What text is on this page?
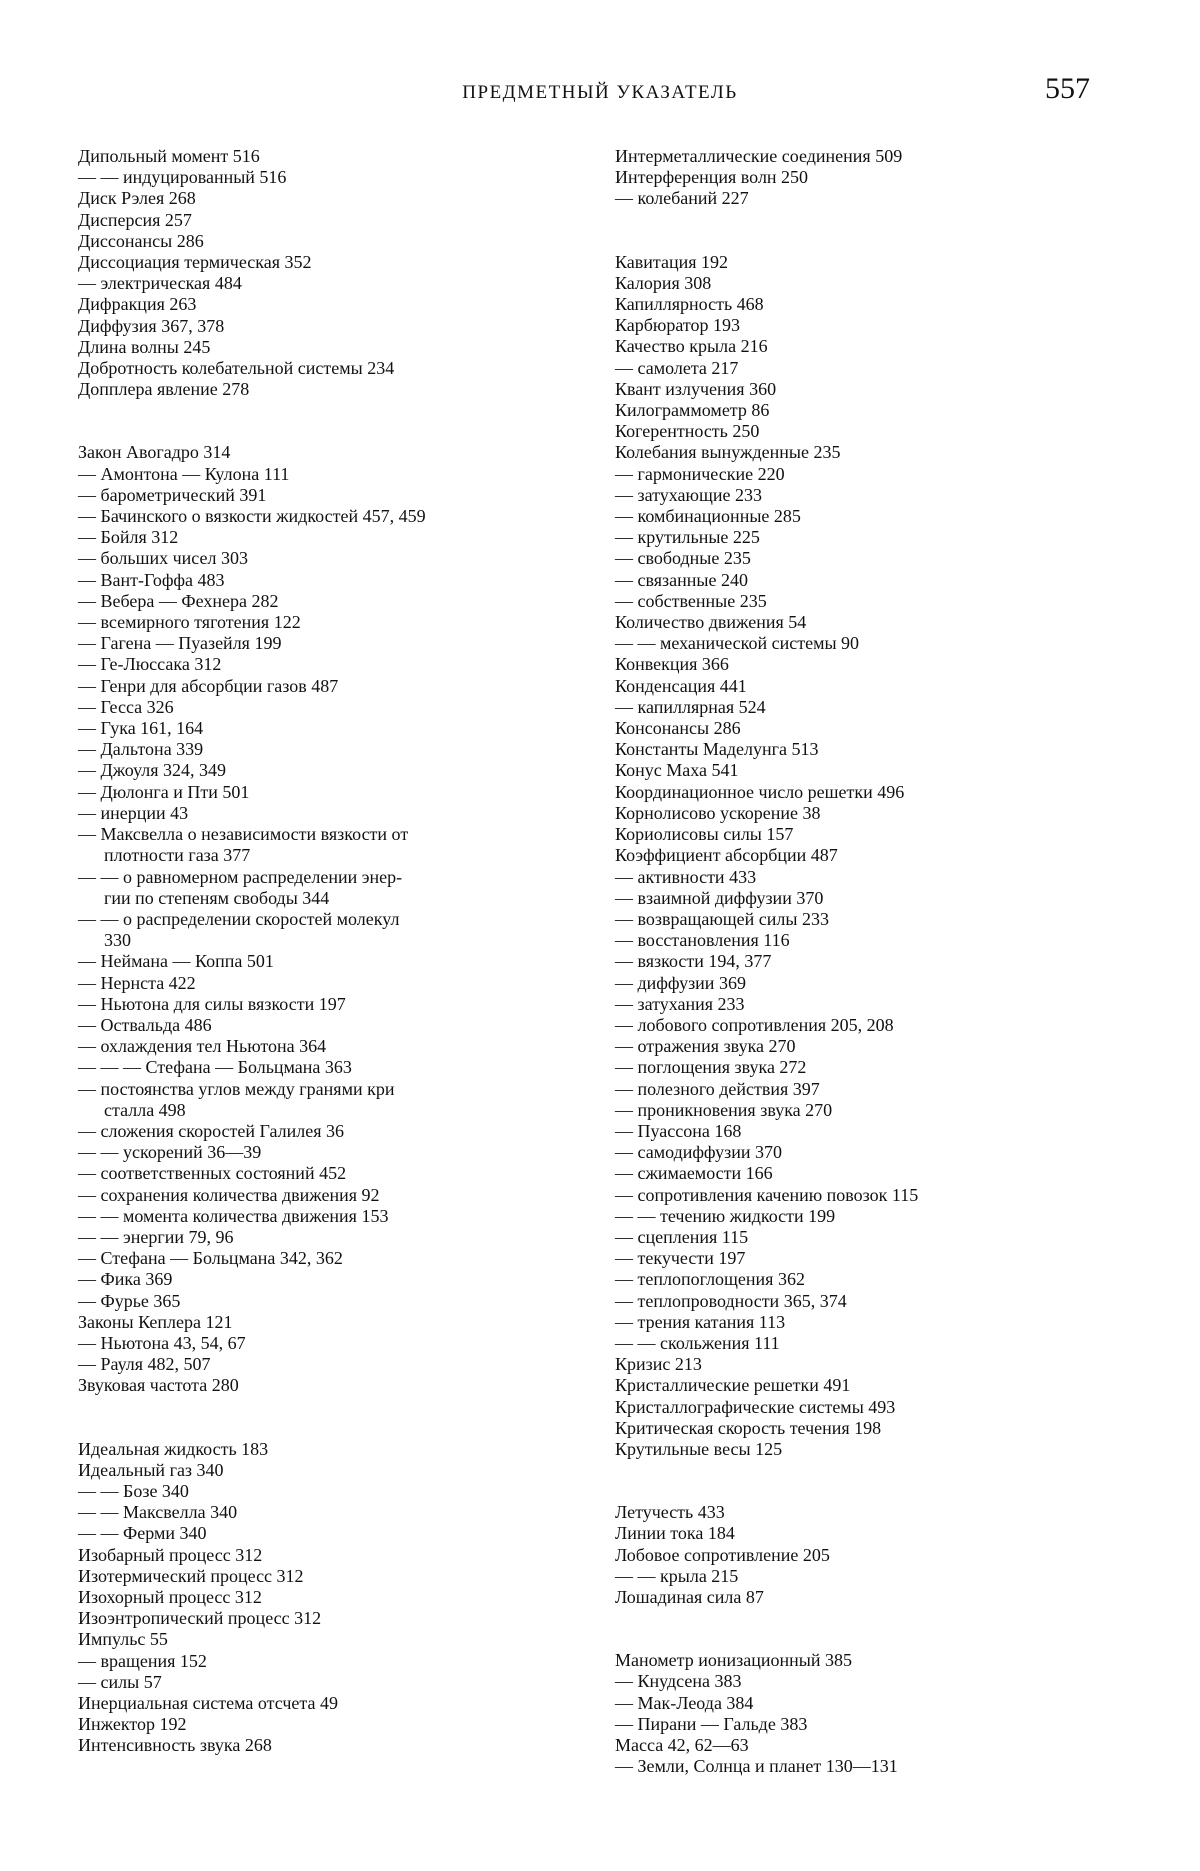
ПРЕДМЕТНЫЙ УКАЗАТЕЛЬ	557
Дипольный момент 516
— — индуцированный 516
Диск Рэлея 268
Дисперсия 257
Диссонансы 286
Диссоциация термическая 352
— электрическая 484
Дифракция 263
Диффузия 367, 378
Длина волны 245
Добротность колебательной системы 234
Допплера явление 278
Закон Авогадро 314
— Амонтона — Кулона 111
— барометрический 391
— Бачинского о вязкости жидкостей 457, 459
— Бойля 312
— больших чисел 303
— Вант-Гоффа 483
— Вебера — Фехнера 282
— всемирного тяготения 122
— Гагена — Пуазейля 199
— Ге-Люссака 312
— Генри для абсорбции газов 487
— Гесса 326
— Гука 161, 164
— Дальтона 339
— Джоуля 324, 349
— Дюлонга и Пти 501
— инерции 43
— Максвелла о независимости вязкости от
плотности газа 377
— — о равномерном распределении энер-
гии по степеням свободы 344
— — о распределении скоростей молекул
330
— Неймана — Коппа 501
— Нернста 422
— Ньютона для силы вязкости 197
— Оствальда 486
— охлаждения тел Ньютона 364
— — — Стефана — Больцмана 363
— постоянства углов между гранями кри
сталла 498
— сложения скоростей Галилея 36
— — ускорений 36—39
— соответственных состояний 452
— сохранения количества движения 92
— — момента количества движения 153
— — энергии 79, 96
— Стефана — Больцмана 342, 362
— Фика 369
— Фурье 365
Законы Кеплера 121
— Ньютона 43, 54, 67
— Рауля 482, 507
Звуковая частота 280
Идеальная жидкость 183
Идеальный газ 340
— — Бозе 340
— — Максвелла 340
— — Ферми 340
Изобарный процесс 312
Изотермический процесс 312
Изохорный процесс 312
Изоэнтропический процесс 312
Импульс 55
— вращения 152
— силы 57
Инерциальная система отсчета 49
Инжектор 192
Интенсивность звука 268
Интерметаллические соединения 509
Интерференция волн 250
— колебаний 227
Кавитация 192
Калория 308
Капиллярность 468
Карбюратор 193
Качество крыла 216
— самолета 217
Квант излучения 360
Килограммометр 86
Когерентность 250
Колебания вынужденные 235
— гармонические 220
— затухающие 233
— комбинационные 285
— крутильные 225
— свободные 235
— связанные 240
— собственные 235
Количество движения 54
— — механической системы 90
Конвекция 366
Конденсация 441
— капиллярная 524
Консонансы 286
Константы Маделунга 513
Конус Маха 541
Координационное число решетки 496
Корнолисово ускорение 38
Кориолисовы силы 157
Коэффициент абсорбции 487
— активности 433
— взаимной диффузии 370
— возвращающей силы 233
— восстановления 116
— вязкости 194, 377
— диффузии 369
— затухания 233
— лобового сопротивления 205, 208
— отражения звука 270
— поглощения звука 272
— полезного действия 397
— проникновения звука 270
— Пуассона 168
— самодиффузии 370
— сжимаемости 166
— сопротивления качению повозок 115
— — течению жидкости 199
— сцепления 115
— текучести 197
— теплопоглощения 362
— теплопроводности 365, 374
— трения катания 113
— — скольжения 111
Кризис 213
Кристаллические решетки 491
Кристаллографические системы 493
Критическая скорость течения 198
Крутильные весы 125
Летучесть 433
Линии тока 184
Лобовое сопротивление 205
— — крыла 215
Лошадиная сила 87
Манометр ионизационный 385
— Кнудсена 383
— Мак-Леода 384
— Пирани — Гальде 383
Масса 42, 62—63
— Земли, Солнца и планет 130—131
